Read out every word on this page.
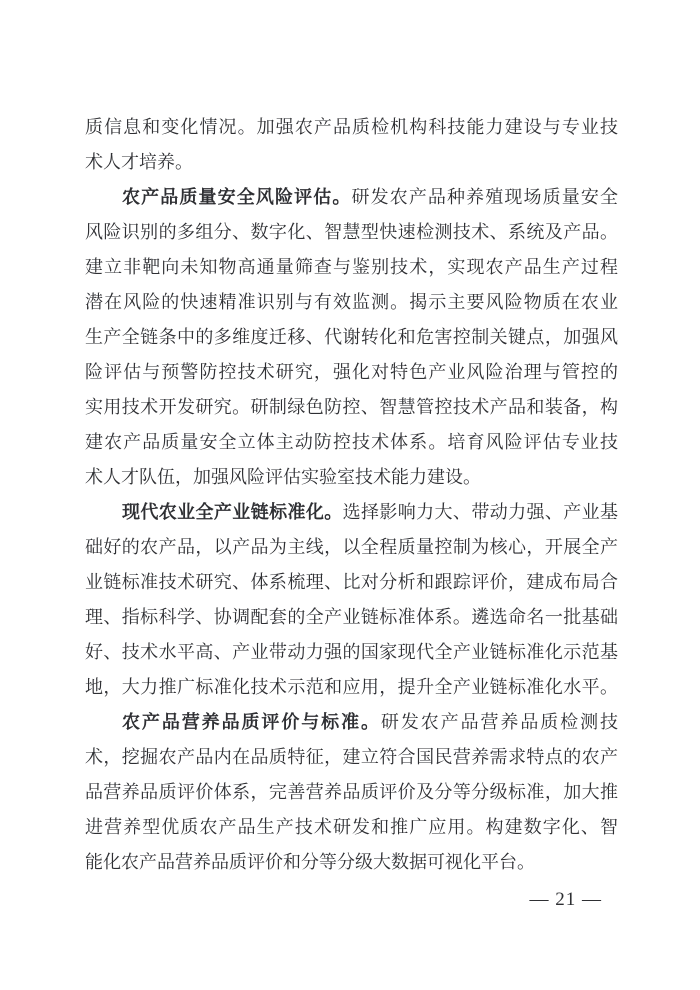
质信息和变化情况。加强农产品质检机构科技能力建设与专业技
术人才培养。
农产品质量安全风险评估。研发农产品种养殖现场质量安全
风险识别的多组分、数字化、智慧型快速检测技术、系统及产品。
建立非靶向未知物高通量筛查与鉴别技术，实现农产品生产过程
潜在风险的快速精准识别与有效监测。揭示主要风险物质在农业
生产全链条中的多维度迁移、代谢转化和危害控制关键点，加强风
险评估与预警防控技术研究，强化对特色产业风险治理与管控的
实用技术开发研究。研制绿色防控、智慧管控技术产品和装备，构
建农产品质量安全立体主动防控技术体系。培育风险评估专业技
术人才队伍，加强风险评估实验室技术能力建设。
现代农业全产业链标准化。选择影响力大、带动力强、产业基
础好的农产品，以产品为主线，以全程质量控制为核心，开展全产
业链标准技术研究、体系梳理、比对分析和跟踪评价，建成布局合
理、指标科学、协调配套的全产业链标准体系。遴选命名一批基础
好、技术水平高、产业带动力强的国家现代全产业链标准化示范基
地，大力推广标准化技术示范和应用，提升全产业链标准化水平。
农产品营养品质评价与标准。研发农产品营养品质检测技
术，挖掘农产品内在品质特征，建立符合国民营养需求特点的农产
品营养品质评价体系，完善营养品质评价及分等分级标准，加大推
进营养型优质农产品生产技术研发和推广应用。构建数字化、智
能化农产品营养品质评价和分等分级大数据可视化平台。
— 21 —
